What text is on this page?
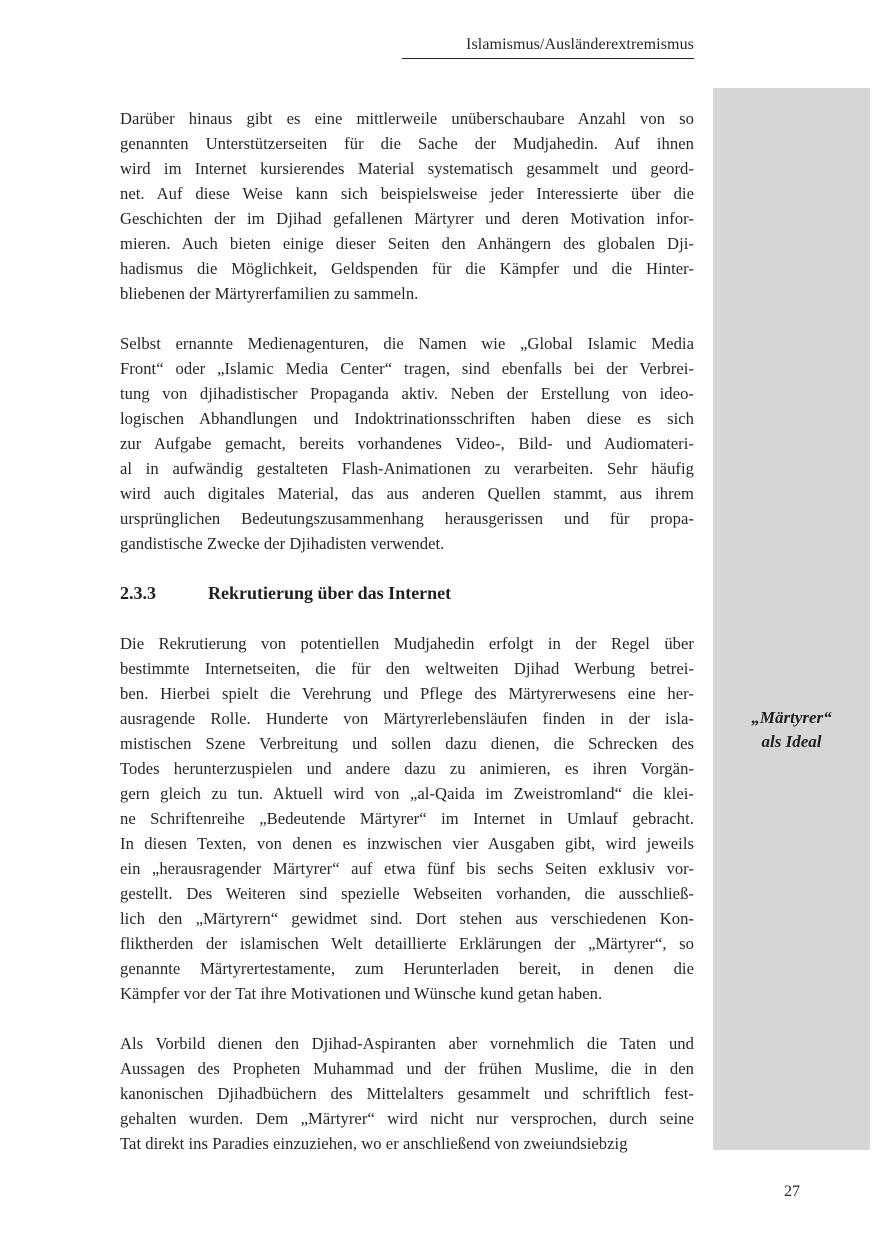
Islamismus/Ausländerextremismus
„Märtyrer“
als Ideal

Darüber hinaus gibt es eine mittlerweile unüberschaubare Anzahl von so
genannten Unterstützerseiten für die Sache der Mudjahedin. Auf ihnen
wird im Internet kursierendes Material systematisch gesammelt und geord-
net. Auf diese Weise kann sich beispielsweise jeder Interessierte über die
Geschichten der im Djihad gefallenen Märtyrer und deren Motivation infor-
mieren. Auch bieten einige dieser Seiten den Anhängern des globalen Dji-
hadismus die Möglichkeit, Geldspenden für die Kämpfer und die Hinter-
bliebenen der Märtyrerfamilien zu sammeln.

Selbst ernannte Medienagenturen, die Namen wie „Global Islamic Media
Front“ oder „Islamic Media Center“ tragen, sind ebenfalls bei der Verbrei-
tung von djihadistischer Propaganda aktiv. Neben der Erstellung von ideo-
logischen Abhandlungen und Indoktrinationsschriften haben diese es sich
zur Aufgabe gemacht, bereits vorhandenes Video-, Bild- und Audiomateri-
al in aufwändig gestalteten Flash-Animationen zu verarbeiten. Sehr häufig
wird auch digitales Material, das aus anderen Quellen stammt, aus ihrem
ursprünglichen Bedeutungszusammenhang herausgerissen und für propa-
gandistische Zwecke der Djihadisten verwendet.

2.3.3	Rekrutierung über das Internet

Die Rekrutierung von potentiellen Mudjahedin erfolgt in der Regel über
bestimmte Internetseiten, die für den weltweiten Djihad Werbung betrei-
ben. Hierbei spielt die Verehrung und Pflege des Märtyrerwesens eine her-
ausragende Rolle. Hunderte von Märtyrerlebensläufen finden in der isla-
mistischen Szene Verbreitung und sollen dazu dienen, die Schrecken des
Todes herunterzuspielen und andere dazu zu animieren, es ihren Vorgän-
gern gleich zu tun. Aktuell wird von „al-Qaida im Zweistromland“ die klei-
ne Schriftenreihe „Bedeutende Märtyrer“ im Internet in Umlauf gebracht.
In diesen Texten, von denen es inzwischen vier Ausgaben gibt, wird jeweils
ein „herausragender Märtyrer“ auf etwa fünf bis sechs Seiten exklusiv vor-
gestellt. Des Weiteren sind spezielle Webseiten vorhanden, die ausschließ-
lich den „Märtyrern“ gewidmet sind. Dort stehen aus verschiedenen Kon-
fliktherden der islamischen Welt detaillierte Erklärungen der „Märtyrer“, so
genannte Märtyrertestamente, zum Herunterladen bereit, in denen die
Kämpfer vor der Tat ihre Motivationen und Wünsche kund getan haben.

Als Vorbild dienen den Djihad-Aspiranten aber vornehmlich die Taten und
Aussagen des Propheten Muhammad und der frühen Muslime, die in den
kanonischen Djihadbüchern des Mittelalters gesammelt und schriftlich fest-
gehalten wurden. Dem „Märtyrer“ wird nicht nur versprochen, durch seine
Tat direkt ins Paradies einzuziehen, wo er anschließend von zweiundsiebzig

27
